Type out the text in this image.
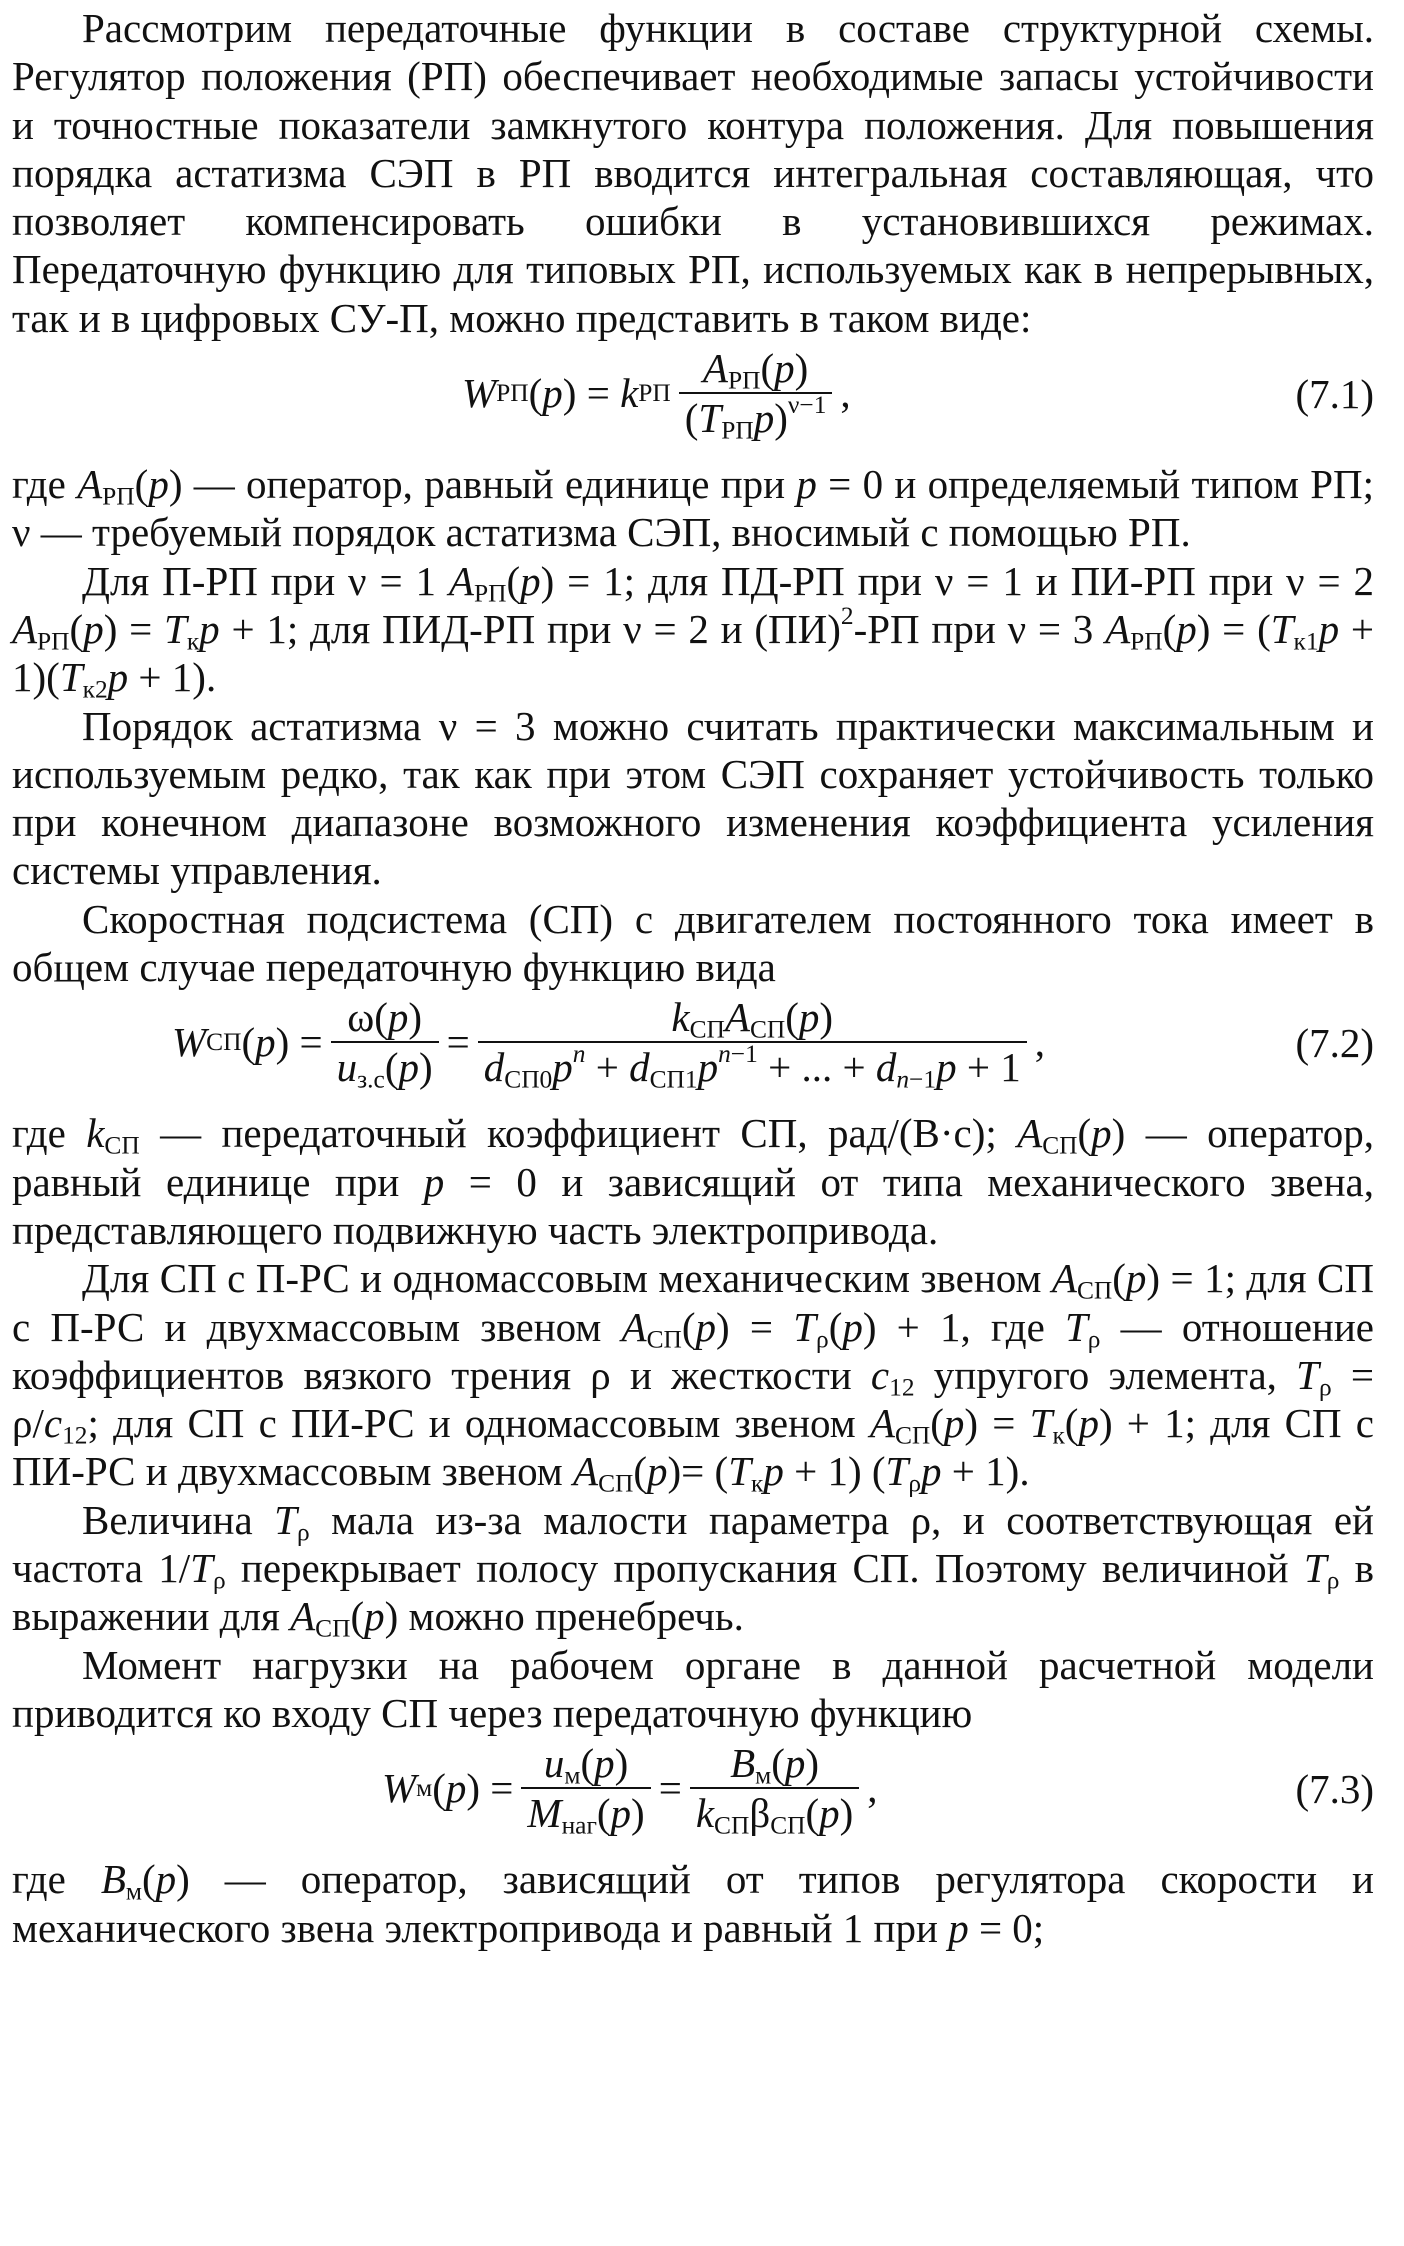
Рассмотрим передаточные функции в составе структурной схемы. Регулятор положения (РП) обеспечивает необходимые запасы устойчивости и точностные показатели замкнутого контура положения. Для повышения порядка астатизма СЭП в РП вводится интегральная составляющая, что позволяет компенсировать ошибки в установившихся режимах. Передаточную функцию для типовых РП, используемых как в непрерывных, так и в цифровых СУ-П, можно представить в таком виде:

W РП ( p ) = k РП $\frac{A_{РП}(p)}{(T_{РП}p)^{\nu-1}}$ ,	(7.1)

где $A_{РП}(p)$ — оператор, равный единице при p = 0 и определяемый типом РП; ν — требуемый порядок астатизма СЭП, вносимый с помощью РП.

Для П-РП при ν = 1 $A_{РП}(p) = 1$; для ПД-РП при ν = 1 и ПИ-РП при ν = 2 $A_{РП}(p) = T_кp + 1$; для ПИД-РП при ν = 2 и (ПИ)$^2$-РП при ν = 3 $A_{РП}(p) = (T_{к1}p + 1)(T_{к2}p + 1)$.

Порядок астатизма ν = 3 можно считать практически максимальным и используемым редко, так как при этом СЭП сохраняет устойчивость только при конечном диапазоне возможного изменения коэффициента усиления системы управления.

Скоростная подсистема (СП) с двигателем постоянного тока имеет в общем случае передаточную функцию вида

W СП ( p ) = $\frac{\omega(p)}{u_{з.с}(p)} = \frac{k_{СП}A_{СП}(p)}{d_{СП0}p^n + d_{СП1}p^{n-1} + ... + d_{n-1}p + 1}$ ,	(7.2)

где $k_{СП}$ — передаточный коэффициент СП, рад/(В·с); $A_{СП}(p)$ — оператор, равный единице при p = 0 и зависящий от типа механического звена, представляющего подвижную часть электропривода.

Для СП с П-РС и одномассовым механическим звеном $A_{СП}(p) = 1$; для СП с П-РС и двухмассовым звеном $A_{СП}(p) = T_\rho(p) + 1$, где $T_\rho$ — отношение коэффициентов вязкого трения ρ и жесткости $c_{12}$ упругого элемента, $T_\rho = \rho/c_{12}$; для СП с ПИ-РС и одномассовым звеном $A_{СП}(p) = T_к(p) + 1$; для СП с ПИ-РС и двухмассовым звеном $A_{СП}(p)= (T_кp + 1) (T_\rho p + 1)$.

Величина $T_\rho$ мала из-за малости параметра ρ, и соответствующая ей частота $1/T_\rho$ перекрывает полосу пропускания СП. Поэтому величиной $T_\rho$ в выражении для $A_{СП}(p)$ можно пренебречь.

Момент нагрузки на рабочем органе в данной расчетной модели приводится ко входу СП через передаточную функцию

W м ( p ) = $\frac{u_м(p)}{M_{наг}(p)} = \frac{B_м(p)}{k_{СП}\beta_{СП}(p)}$ ,	(7.3)

где $B_м(p)$ — оператор, зависящий от типов регулятора скорости и механического звена электропривода и равный 1 при p = 0;
